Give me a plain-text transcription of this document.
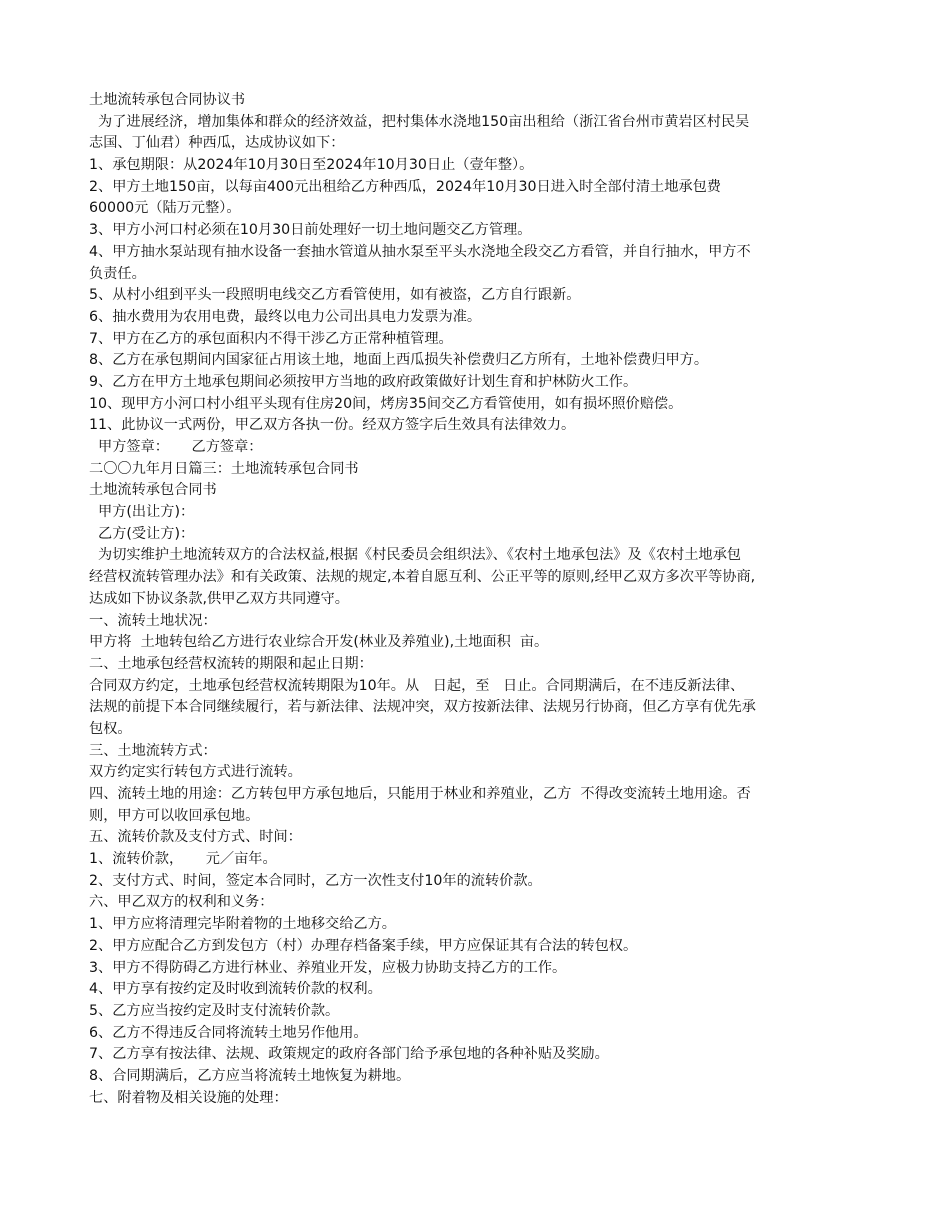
土地流转承包合同协议书
为了进展经济，增加集体和群众的经济效益，把村集体水浇地150亩出租给（浙江省台州市黄岩区村民吴
志国、丁仙君）种西瓜，达成协议如下：
1、承包期限：从2024年10月30日至2024年10月30日止（壹年整）。
2、甲方土地150亩，以每亩400元出租给乙方种西瓜，2024年10月30日进入时全部付清土地承包费
60000元（陆万元整）。
3、甲方小河口村必须在10月30日前处理好一切土地问题交乙方管理。
4、甲方抽水泵站现有抽水设备一套抽水管道从抽水泵至平头水浇地全段交乙方看管，并自行抽水，甲方不
负责任。
5、从村小组到平头一段照明电线交乙方看管使用，如有被盗，乙方自行跟新。
6、抽水费用为农用电费，最终以电力公司出具电力发票为准。
7、甲方在乙方的承包面积内不得干涉乙方正常种植管理。
8、乙方在承包期间内国家征占用该土地，地面上西瓜损失补偿费归乙方所有，土地补偿费归甲方。
9、乙方在甲方土地承包期间必须按甲方当地的政府政策做好计划生育和护林防火工作。
10、现甲方小河口村小组平头现有住房20间，烤房35间交乙方看管使用，如有损坏照价赔偿。
11、此协议一式两份，甲乙双方各执一份。经双方签字后生效具有法律效力。
甲方签章：     乙方签章：
二〇〇九年月日篇三：土地流转承包合同书
土地流转承包合同书
甲方(出让方)：
乙方(受让方)：
为切实维护土地流转双方的合法权益,根据《村民委员会组织法》、《农村土地承包法》及《农村土地承包
经营权流转管理办法》和有关政策、法规的规定,本着自愿互利、公正平等的原则,经甲乙双方多次平等协商,
达成如下协议条款,供甲乙双方共同遵守。
一、流转土地状况：
甲方将  土地转包给乙方进行农业综合开发(林业及养殖业),土地面积  亩。
二、土地承包经营权流转的期限和起止日期：
合同双方约定，土地承包经营权流转期限为10年。从   日起，至   日止。合同期满后，在不违反新法律、
法规的前提下本合同继续履行，若与新法律、法规冲突，双方按新法律、法规另行协商，但乙方享有优先承
包权。
三、土地流转方式：
双方约定实行转包方式进行流转。
四、流转土地的用途：乙方转包甲方承包地后，只能用于林业和养殖业，乙方  不得改变流转土地用途。否
则，甲方可以收回承包地。
五、流转价款及支付方式、时间：
1、流转价款，     元／亩年。
2、支付方式、时间，签定本合同时，乙方一次性支付10年的流转价款。
六、甲乙双方的权利和义务：
1、甲方应将清理完毕附着物的土地移交给乙方。
2、甲方应配合乙方到发包方（村）办理存档备案手续，甲方应保证其有合法的转包权。
3、甲方不得防碍乙方进行林业、养殖业开发，应极力协助支持乙方的工作。
4、甲方享有按约定及时收到流转价款的权利。
5、乙方应当按约定及时支付流转价款。
6、乙方不得违反合同将流转土地另作他用。
7、乙方享有按法律、法规、政策规定的政府各部门给予承包地的各种补贴及奖励。
8、合同期满后，乙方应当将流转土地恢复为耕地。
七、附着物及相关设施的处理：
